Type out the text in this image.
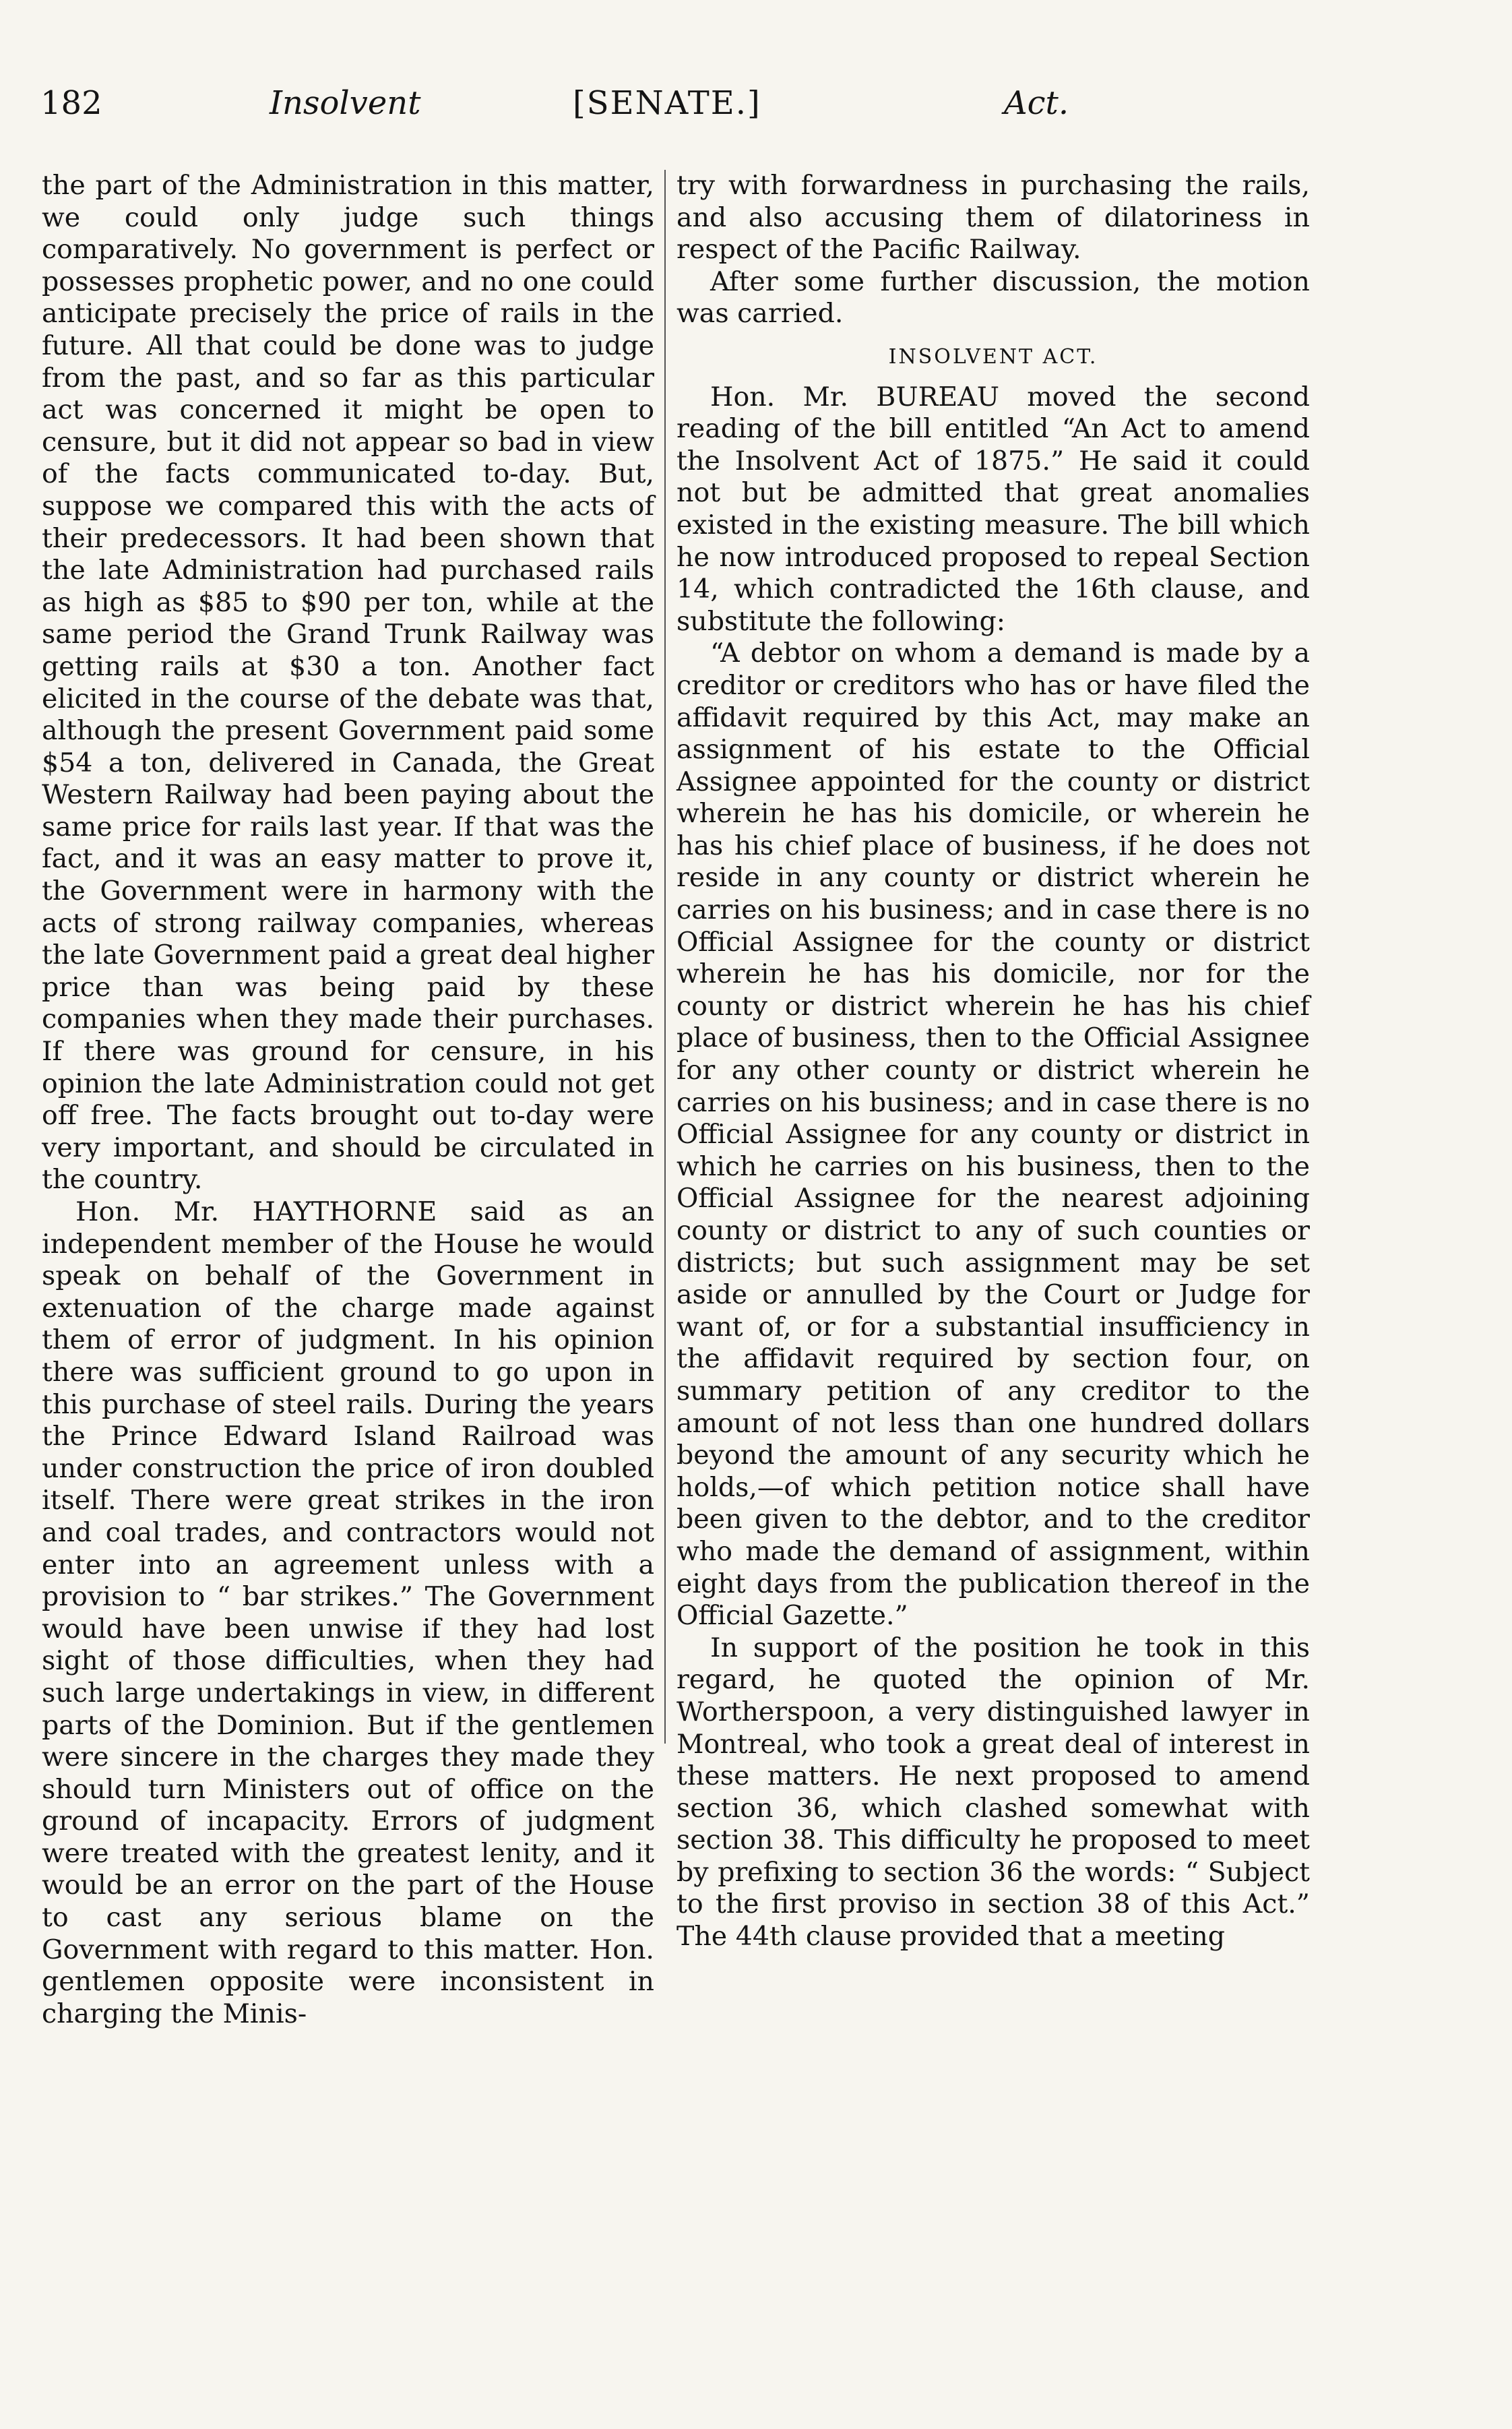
182	Insolvent	[SENATE.]	Act.

the part of the Administration in this matter, we could only judge such things comparatively. No government is perfect or possesses prophetic power, and no one could anticipate precisely the price of rails in the future. All that could be done was to judge from the past, and so far as this particular act was concerned it might be open to censure, but it did not appear so bad in view of the facts communicated to-day. But, suppose we compared this with the acts of their predecessors. It had been shown that the late Administration had purchased rails as high as $85 to $90 per ton, while at the same period the Grand Trunk Railway was getting rails at $30 a ton. Another fact elicited in the course of the debate was that, although the present Government paid some $54 a ton, delivered in Canada, the Great Western Railway had been paying about the same price for rails last year. If that was the fact, and it was an easy matter to prove it, the Government were in harmony with the acts of strong railway companies, whereas the late Government paid a great deal higher price than was being paid by these companies when they made their purchases. If there was ground for censure, in his opinion the late Administration could not get off free. The facts brought out to-day were very important, and should be circulated in the country.

Hon. Mr. HAYTHORNE said as an independent member of the House he would speak on behalf of the Government in extenuation of the charge made against them of error of judgment. In his opinion there was sufficient ground to go upon in this purchase of steel rails. During the years the Prince Edward Island Railroad was under construction the price of iron doubled itself. There were great strikes in the iron and coal trades, and contractors would not enter into an agreement unless with a provision to “ bar strikes.” The Government would have been unwise if they had lost sight of those difficulties, when they had such large undertakings in view, in different parts of the Dominion. But if the gentlemen were sincere in the charges they made they should turn Ministers out of office on the ground of incapacity. Errors of judgment were treated with the greatest lenity, and it would be an error on the part of the House to cast any serious blame on the Government with regard to this matter. Hon. gentlemen opposite were inconsistent in charging the Minis-

try with forwardness in purchasing the rails, and also accusing them of dilatoriness in respect of the Pacific Railway.

After some further discussion, the motion was carried.

INSOLVENT ACT.

Hon. Mr. BUREAU moved the second reading of the bill entitled “An Act to amend the Insolvent Act of 1875.” He said it could not but be admitted that great anomalies existed in the existing measure. The bill which he now introduced proposed to repeal Section 14, which contradicted the 16th clause, and substitute the following:

“A debtor on whom a demand is made by a creditor or creditors who has or have filed the affidavit required by this Act, may make an assignment of his estate to the Official Assignee appointed for the county or district wherein he has his domicile, or wherein he has his chief place of business, if he does not reside in any county or district wherein he carries on his business; and in case there is no Official Assignee for the county or district wherein he has his domicile, nor for the county or district wherein he has his chief place of business, then to the Official Assignee for any other county or district wherein he carries on his business; and in case there is no Official Assignee for any county or district in which he carries on his business, then to the Official Assignee for the nearest adjoining county or district to any of such counties or districts; but such assignment may be set aside or annulled by the Court or Judge for want of, or for a substantial insufficiency in the affidavit required by section four, on summary petition of any creditor to the amount of not less than one hundred dollars beyond the amount of any security which he holds,—of which petition notice shall have been given to the debtor, and to the creditor who made the demand of assignment, within eight days from the publication thereof in the Official Gazette.”

In support of the position he took in this regard, he quoted the opinion of Mr. Wortherspoon, a very distinguished lawyer in Montreal, who took a great deal of interest in these matters. He next proposed to amend section 36, which clashed somewhat with section 38. This difficulty he proposed to meet by prefixing to section 36 the words: “ Subject to the first proviso in section 38 of this Act.” The 44th clause provided that a meeting
